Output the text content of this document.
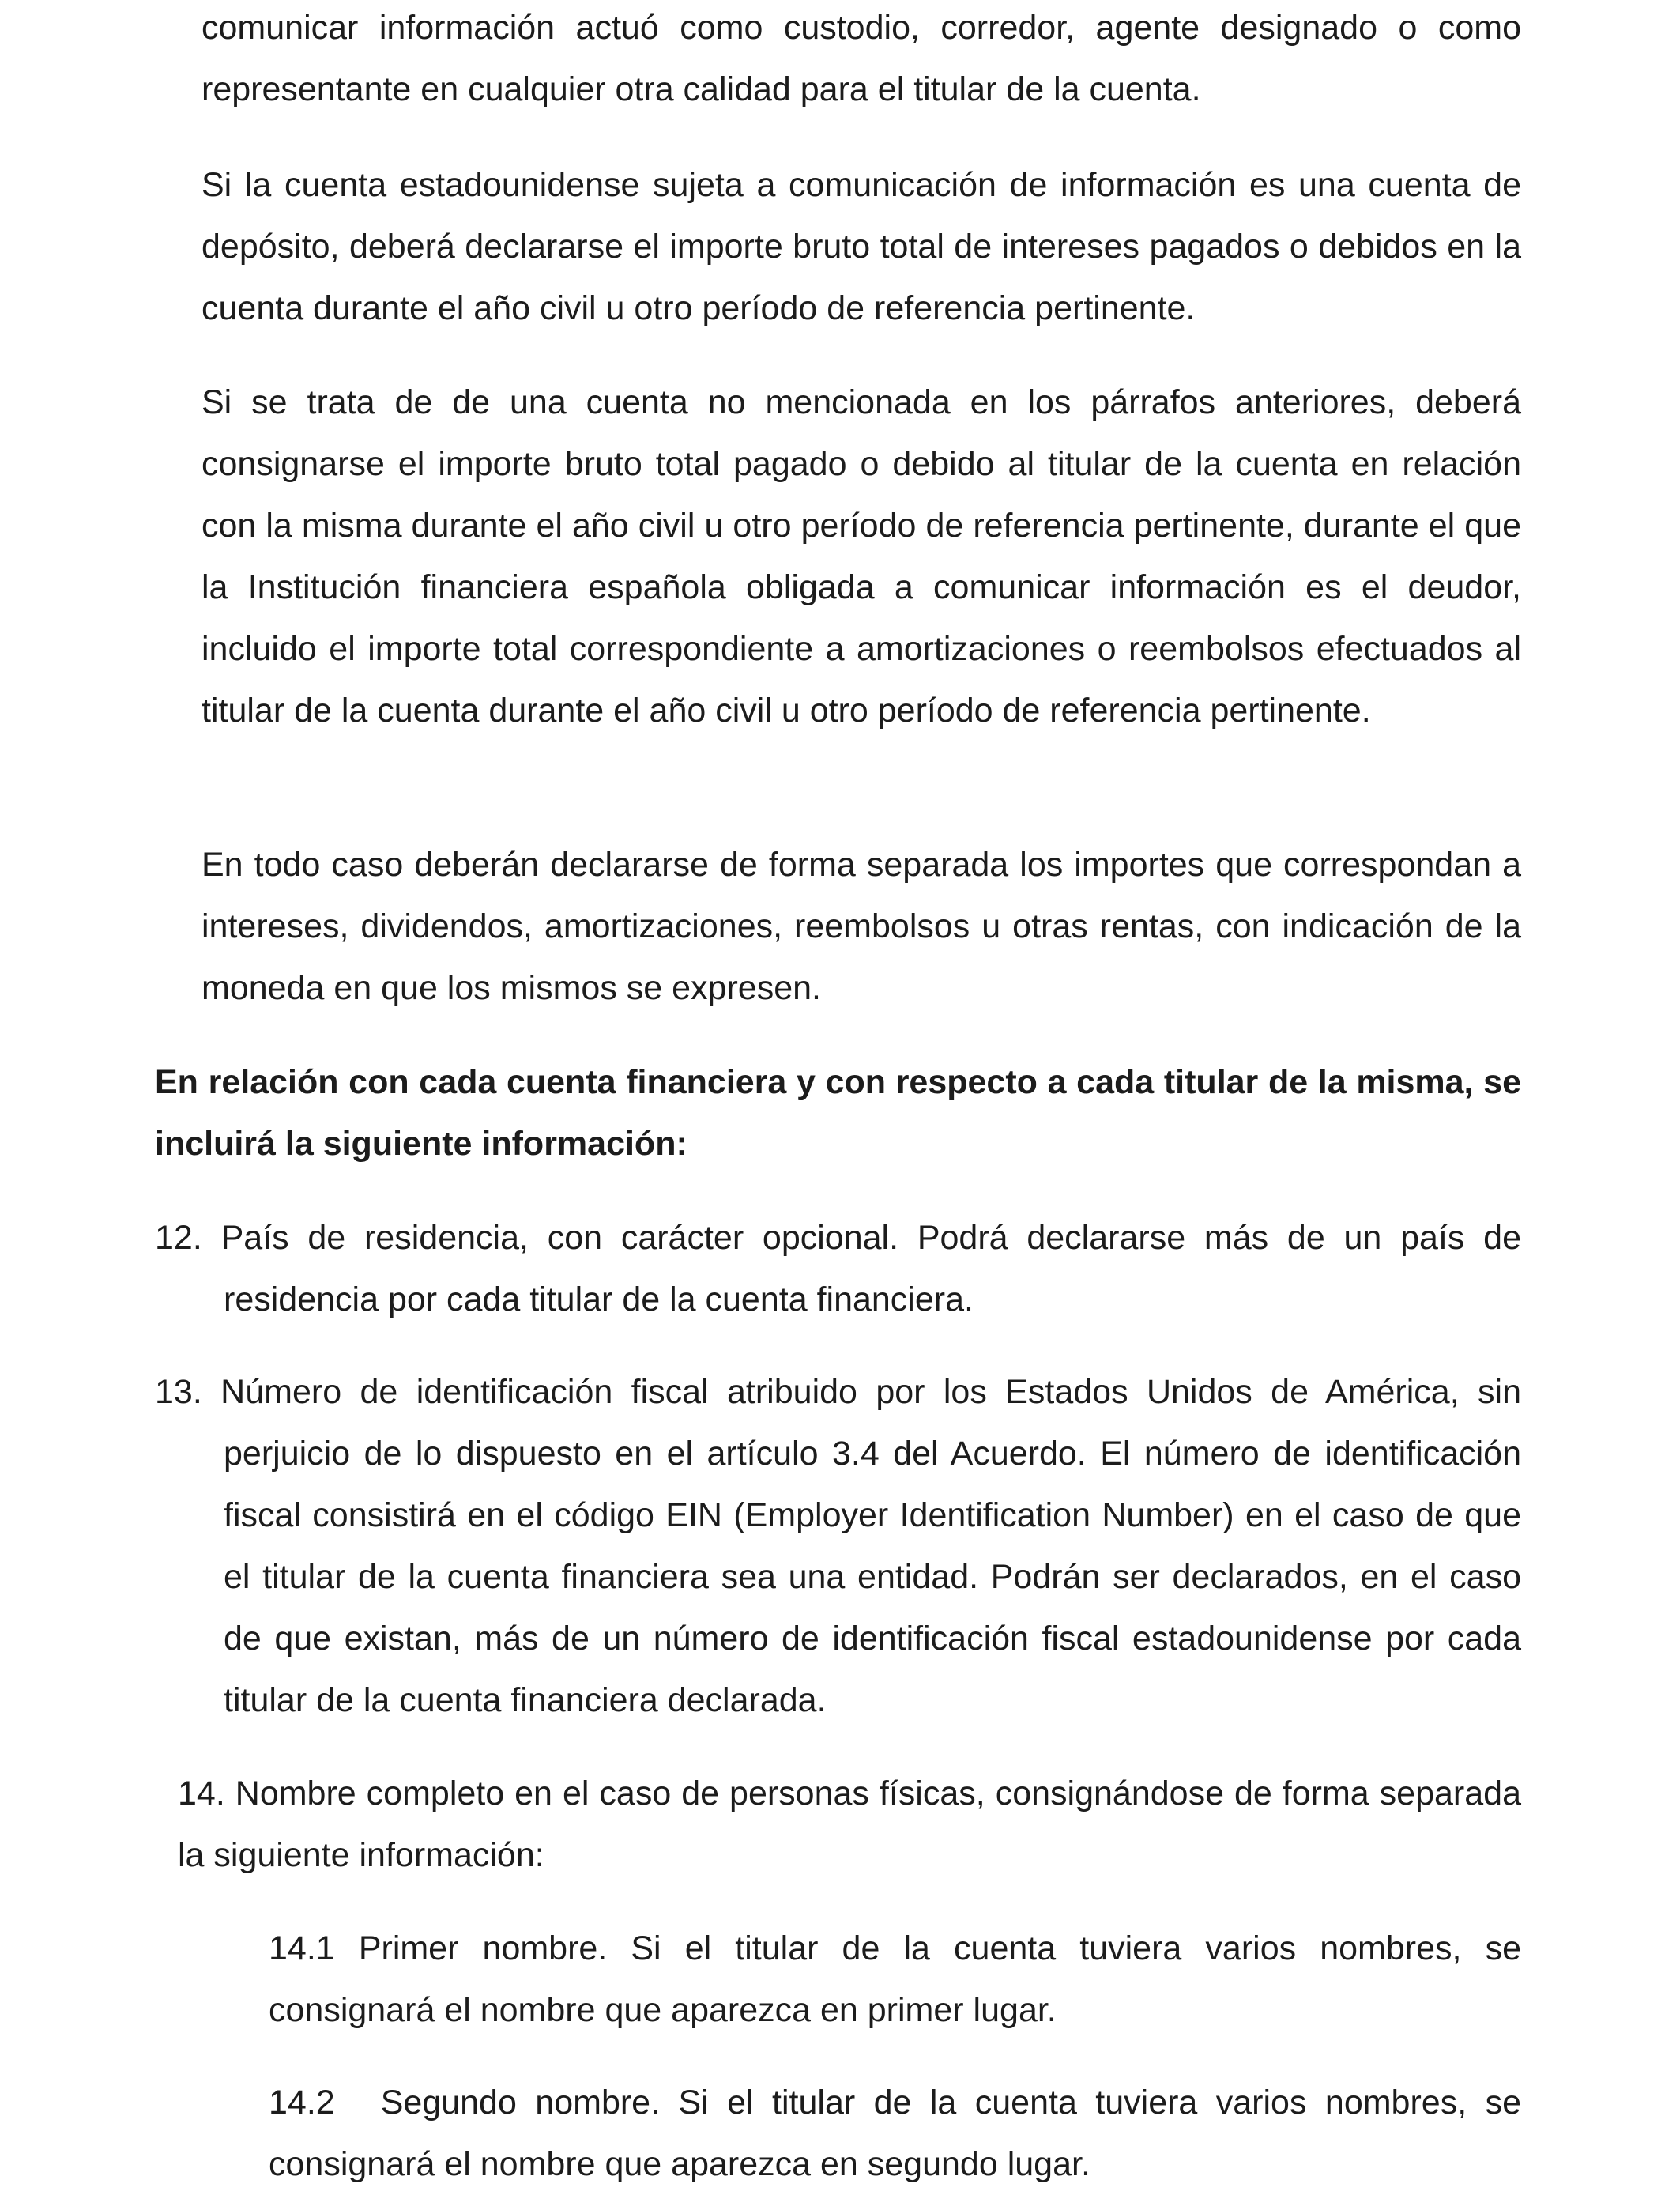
comunicar información actuó como custodio, corredor, agente designado o como representante en cualquier otra calidad para el titular de la cuenta.

Si la cuenta estadounidense sujeta a comunicación de información es una cuenta de depósito, deberá declararse el importe bruto total de intereses pagados o debidos en la cuenta durante el año civil u otro período de referencia pertinente.

Si se trata de de una cuenta no mencionada en los párrafos anteriores, deberá consignarse el importe bruto total pagado o debido al titular de la cuenta en relación con la misma durante el año civil u otro período de referencia pertinente, durante el que la Institución financiera española obligada a comunicar información es el deudor, incluido el importe total correspondiente a amortizaciones o reembolsos efectuados al titular de la cuenta durante el año civil u otro período de referencia pertinente.

En todo caso deberán declararse de forma separada los importes que correspondan a intereses, dividendos, amortizaciones, reembolsos u otras rentas, con indicación de la moneda en que los mismos se expresen.

En relación con cada cuenta financiera y con respecto a cada titular de la misma, se incluirá la siguiente información:

12. País de residencia, con carácter opcional. Podrá declararse más de un país de residencia por cada titular de la cuenta financiera.

13. Número de identificación fiscal atribuido por los Estados Unidos de América, sin perjuicio de lo dispuesto en el artículo 3.4 del Acuerdo. El número de identificación fiscal consistirá en el código EIN (Employer Identification Number) en el caso de que el titular de la cuenta financiera sea una entidad. Podrán ser declarados, en el caso de que existan, más de un número de identificación fiscal estadounidense por cada titular de la cuenta financiera declarada.

14. Nombre completo en el caso de personas físicas, consignándose de forma separada la siguiente información:

14.1 Primer nombre. Si el titular de la cuenta tuviera varios nombres, se consignará el nombre que aparezca en primer lugar.

14.2 Segundo nombre. Si el titular de la cuenta tuviera varios nombres, se consignará el nombre que aparezca en segundo lugar.
